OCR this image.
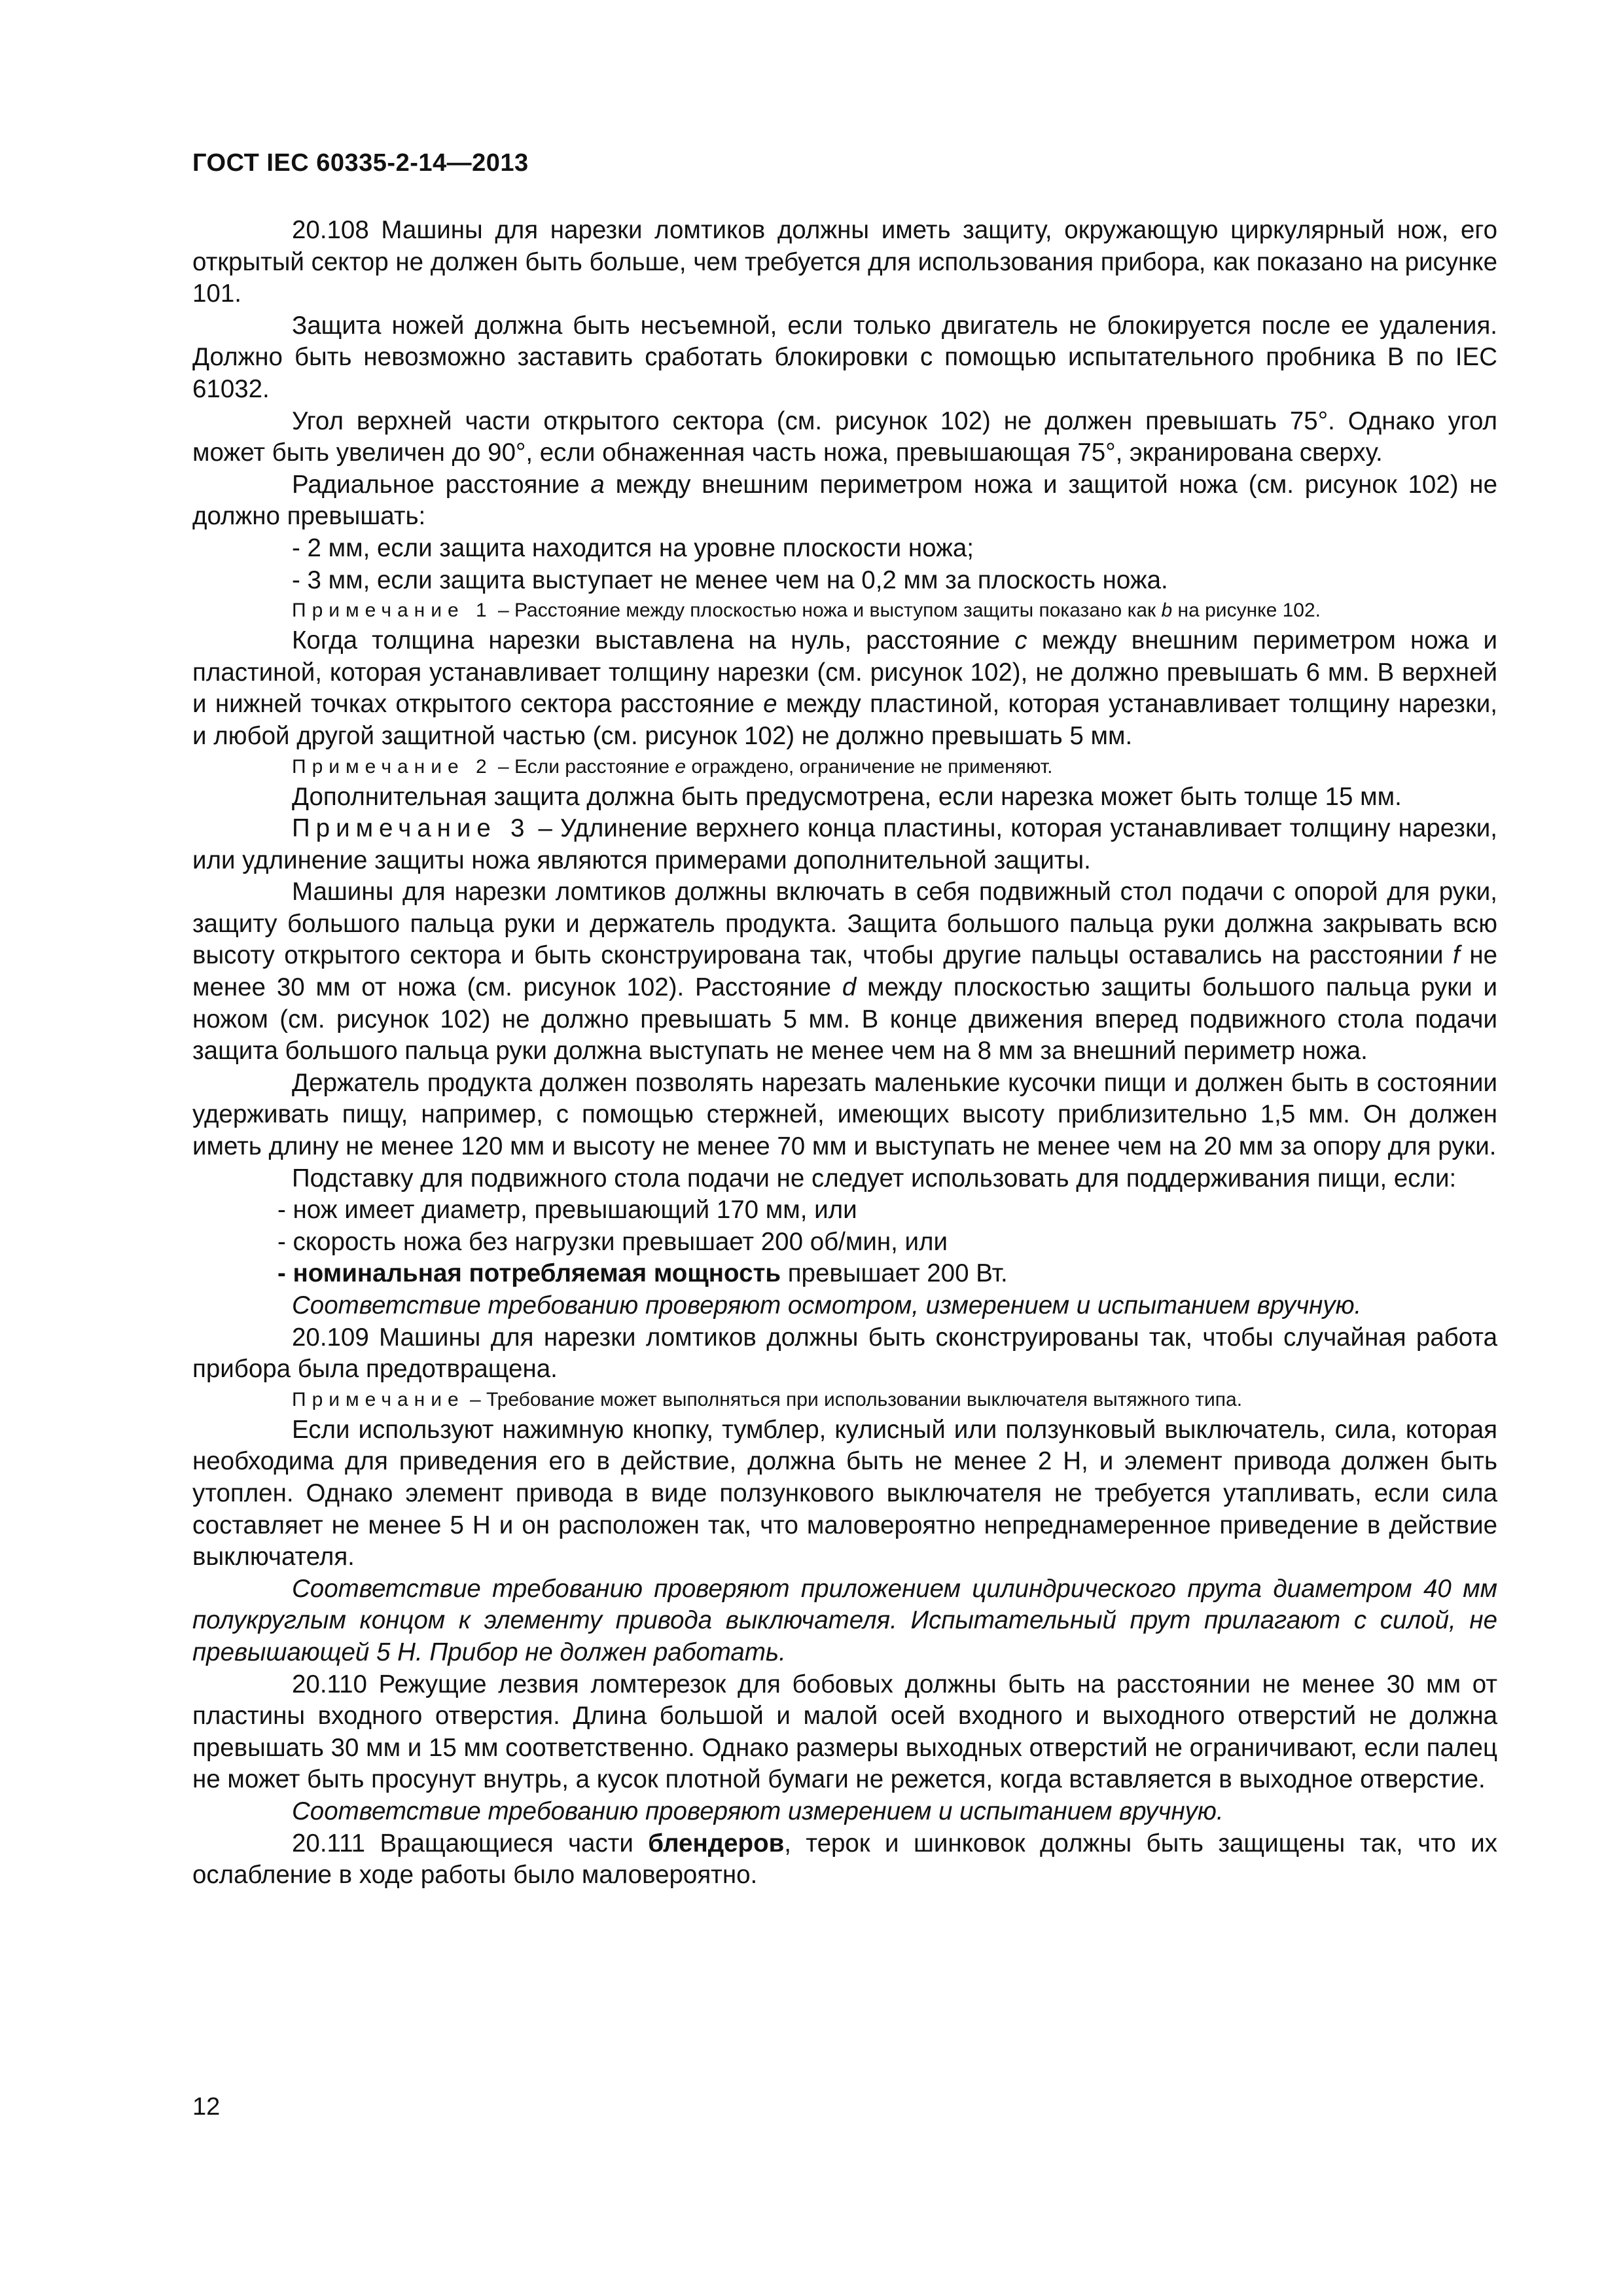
ГОСТ IEC 60335-2-14—2013

20.108 Машины для нарезки ломтиков должны иметь защиту, окружающую циркулярный нож, его открытый сектор не должен быть больше, чем требуется для использования прибора, как показано на рисунке 101.

Защита ножей должна быть несъемной, если только двигатель не блокируется после ее удаления. Должно быть невозможно заставить сработать блокировки с помощью испытательного пробника B по IEC 61032.

Угол верхней части открытого сектора (см. рисунок 102) не должен превышать 75°. Однако угол может быть увеличен до 90°, если обнаженная часть ножа, превышающая 75°, экранирована сверху.

Радиальное расстояние a между внешним периметром ножа и защитой ножа (см. рисунок 102) не должно превышать:

- 2 мм, если защита находится на уровне плоскости ножа;

- 3 мм, если защита выступает не менее чем на 0,2 мм за плоскость ножа.

Примечание 1 – Расстояние между плоскостью ножа и выступом защиты показано как b на рисунке 102.

Когда толщина нарезки выставлена на нуль, расстояние c между внешним периметром ножа и пластиной, которая устанавливает толщину нарезки (см. рисунок 102), не должно превышать 6 мм. В верхней и нижней точках открытого сектора расстояние e между пластиной, которая устанавливает толщину нарезки, и любой другой защитной частью (см. рисунок 102) не должно превышать 5 мм.

Примечание 2 – Если расстояние e ограждено, ограничение не применяют.

Дополнительная защита должна быть предусмотрена, если нарезка может быть толще 15 мм.

Примечание 3 – Удлинение верхнего конца пластины, которая устанавливает толщину нарезки, или удлинение защиты ножа являются примерами дополнительной защиты.

Машины для нарезки ломтиков должны включать в себя подвижный стол подачи с опорой для руки, защиту большого пальца руки и держатель продукта. Защита большого пальца руки должна закрывать всю высоту открытого сектора и быть сконструирована так, чтобы другие пальцы оставались на расстоянии f не менее 30 мм от ножа (см. рисунок 102). Расстояние d между плоскостью защиты большого пальца руки и ножом (см. рисунок 102) не должно превышать 5 мм. В конце движения вперед подвижного стола подачи защита большого пальца руки должна выступать не менее чем на 8 мм за внешний периметр ножа.

Держатель продукта должен позволять нарезать маленькие кусочки пищи и должен быть в состоянии удерживать пищу, например, с помощью стержней, имеющих высоту приблизительно 1,5 мм. Он должен иметь длину не менее 120 мм и высоту не менее 70 мм и выступать не менее чем на 20 мм за опору для руки.

Подставку для подвижного стола подачи не следует использовать для поддерживания пищи, если:

- нож имеет диаметр, превышающий 170 мм, или

- скорость ножа без нагрузки превышает 200 об/мин, или

- номинальная потребляемая мощность превышает 200 Вт.

Соответствие требованию проверяют осмотром, измерением и испытанием вручную.

20.109 Машины для нарезки ломтиков должны быть сконструированы так, чтобы случайная работа прибора была предотвращена.

Примечание – Требование может выполняться при использовании выключателя вытяжного типа.

Если используют нажимную кнопку, тумблер, кулисный или ползунковый выключатель, сила, которая необходима для приведения его в действие, должна быть не менее 2 Н, и элемент привода должен быть утоплен. Однако элемент привода в виде ползункового выключателя не требуется утапливать, если сила составляет не менее 5 Н и он расположен так, что маловероятно непреднамеренное приведение в действие выключателя.

Соответствие требованию проверяют приложением цилиндрического прута диаметром 40 мм полукруглым концом к элементу привода выключателя. Испытательный прут прилагают с силой, не превышающей 5 Н. Прибор не должен работать.

20.110 Режущие лезвия ломтерезок для бобовых должны быть на расстоянии не менее 30 мм от пластины входного отверстия. Длина большой и малой осей входного и выходного отверстий не должна превышать 30 мм и 15 мм соответственно. Однако размеры выходных отверстий не ограничивают, если палец не может быть просунут внутрь, а кусок плотной бумаги не режется, когда вставляется в выходное отверстие.

Соответствие требованию проверяют измерением и испытанием вручную.

20.111 Вращающиеся части блендеров, терок и шинковок должны быть защищены так, что их ослабление в ходе работы было маловероятно.

12
